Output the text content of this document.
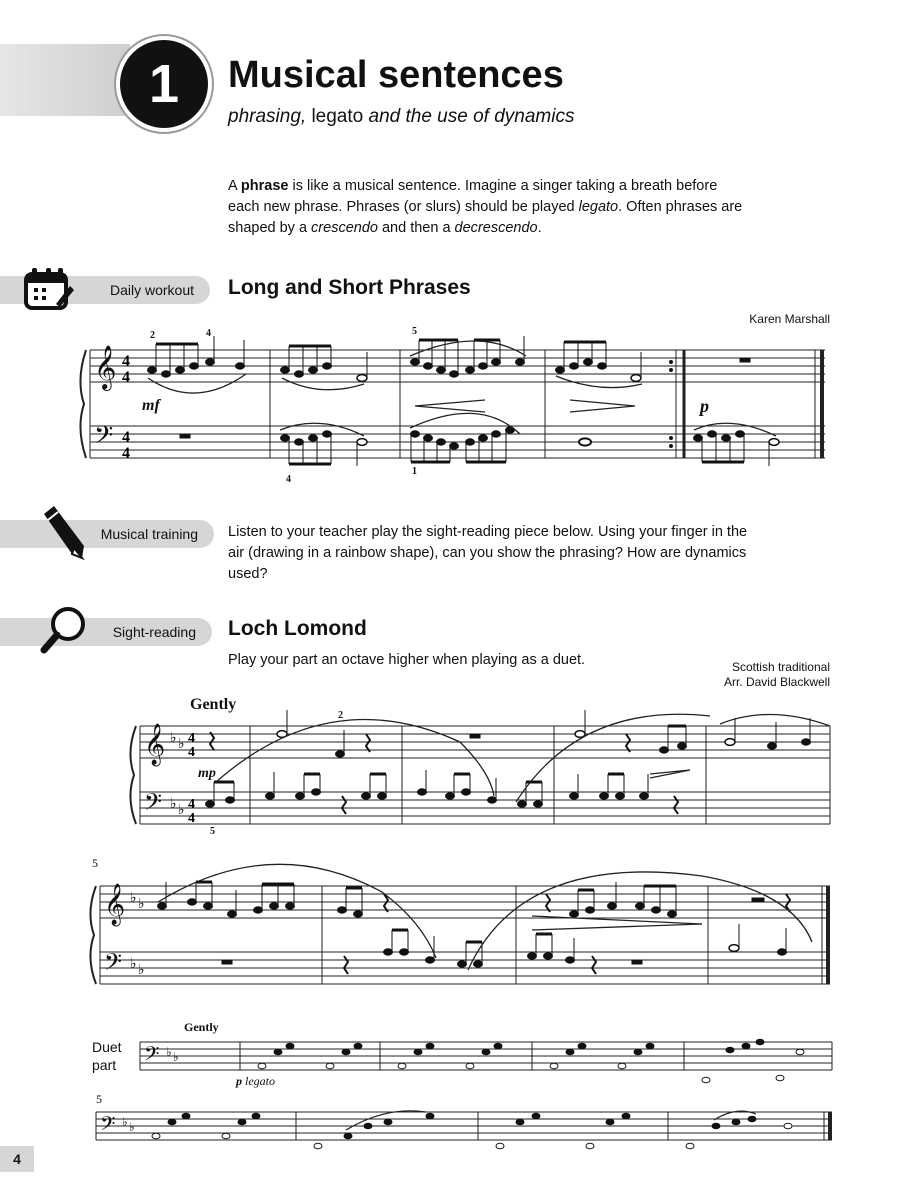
1 Musical sentences
phrasing, legato and the use of dynamics

A phrase is like a musical sentence. Imagine a singer taking a breath before each new phrase. Phrases (or slurs) should be played legato. Often phrases are shaped by a crescendo and then a decrescendo.

Daily workout Long and Short Phrases
Karen Marshall
𝄞
𝄢
4
4
4
4
2	4	5
4
1
mf	p
Musical training Listen to your teacher play the sight-reading piece below. Using your finger in the air (drawing in a rainbow shape), can you show the phrasing? How are dynamics used?
Sight-reading Loch Lomond
Play your part an octave higher when playing as a duet.	Scottish traditional
Arr. David Blackwell
Gently
𝄞
𝄢
♭ ♭
♭ ♭
4
4
4
4
mp
2
5
5
𝄞
𝄢
♭ ♭
♭ ♭

Duet

part

Gently
p legato
𝄢 ♭ ♭
5
𝄢 ♭ ♭
4
